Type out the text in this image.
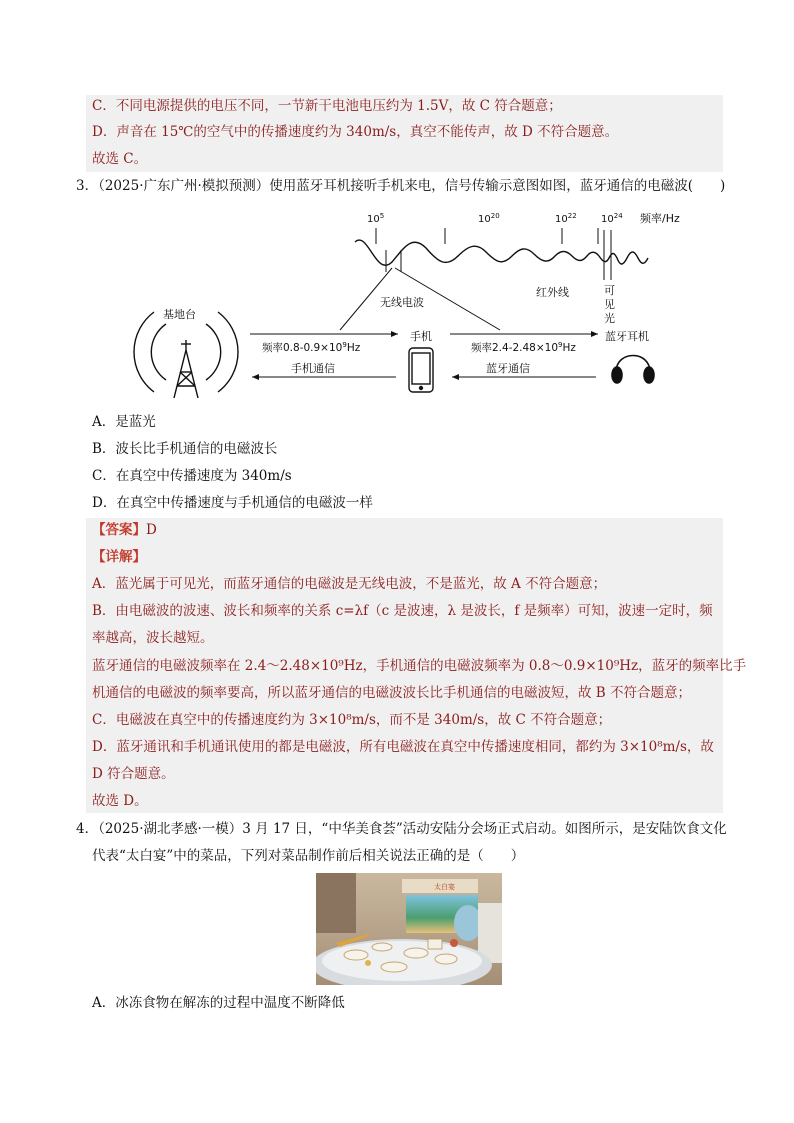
C．不同电源提供的电压不同，一节新干电池电压约为 1.5V，故 C 符合题意；
D．声音在 15℃的空气中的传播速度约为 340m/s，真空不能传声，故 D 不符合题意。
故选 C。
3．（2025·广东广州·模拟预测）使用蓝牙耳机接听手机来电，信号传输示意图如图，蓝牙通信的电磁波(　　)
$10^5$	$10^{20}$	$10^{22}$ $10^{24}$ 频率/Hz
无线电波
红外线	可
见
光
基地台
手机	蓝牙耳机
频率$0.8-0.9\times 10^9Hz$	频率$2.4-2.48\times 10^9Hz$
手机通信	蓝牙通信
A．是蓝光
B．波长比手机通信的电磁波长
C．在真空中传播速度为 340m/s
D．在真空中传播速度与手机通信的电磁波一样
【答案】D
【详解】
A．蓝光属于可见光，而蓝牙通信的电磁波是无线电波，不是蓝光，故 A 不符合题意；
B．由电磁波的波速、波长和频率的关系 c=λf（c 是波速，λ 是波长，f 是频率）可知，波速一定时，频
率越高，波长越短。
蓝牙通信的电磁波频率在 2.4～2.48×10⁹Hz，手机通信的电磁波频率为 0.8～0.9×10⁹Hz，蓝牙的频率比手
机通信的电磁波的频率要高，所以蓝牙通信的电磁波波长比手机通信的电磁波短，故 B 不符合题意；
C．电磁波在真空中的传播速度约为 3×10⁸m/s，而不是 340m/s，故 C 不符合题意；
D．蓝牙通讯和手机通讯使用的都是电磁波，所有电磁波在真空中传播速度相同，都约为 3×10⁸m/s，故
D 符合题意。
故选 D。
4．（2025·湖北孝感·一模）3 月 17 日，“中华美食荟”活动安陆分会场正式启动。如图所示，是安陆饮食文化
代表“太白宴”中的菜品，下列对菜品制作前后相关说法正确的是（　　）
太白宴
A．冰冻食物在解冻的过程中温度不断降低
